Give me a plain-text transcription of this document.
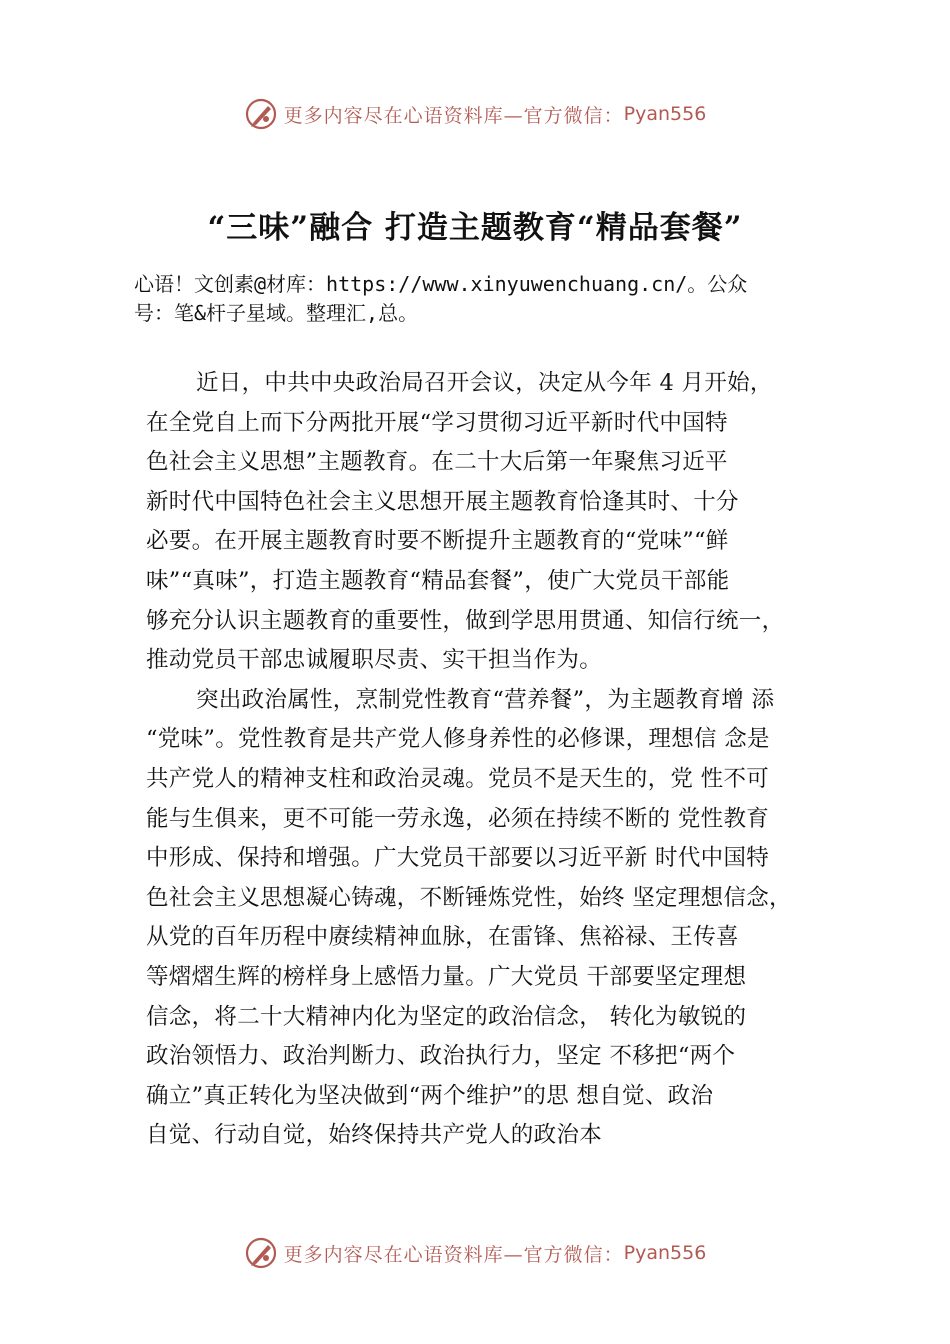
更多内容尽在心语资料库—官方微信： Pyan556
“三味”融合 打造主题教育“精品套餐”
心语！文创素@材库：https://www.xinyuwenchuang.cn/。公众
号：笔&杆子星域。整理汇,总。
近日，中共中央政治局召开会议，决定从今年 4 月开始，
在全党自上而下分两批开展“学习贯彻习近平新时代中国特
色社会主义思想”主题教育。在二十大后第一年聚焦习近平
新时代中国特色社会主义思想开展主题教育恰逢其时、十分
必要。在开展主题教育时要不断提升主题教育的“党味”“鲜
味”“真味”，打造主题教育“精品套餐”，使广大党员干部能
够充分认识主题教育的重要性，做到学思用贯通、知信行统一，
推动党员干部忠诚履职尽责、实干担当作为。
突出政治属性，烹制党性教育“营养餐”，为主题教育增 添
“党味”。党性教育是共产党人修身养性的必修课，理想信 念是
共产党人的精神支柱和政治灵魂。党员不是天生的，党 性不可
能与生俱来，更不可能一劳永逸，必须在持续不断的 党性教育
中形成、保持和增强。广大党员干部要以习近平新 时代中国特
色社会主义思想凝心铸魂，不断锤炼党性，始终 坚定理想信念，
从党的百年历程中赓续精神血脉，在雷锋、焦裕禄、王传喜
等熠熠生辉的榜样身上感悟力量。广大党员 干部要坚定理想
信念，将二十大精神内化为坚定的政治信念， 转化为敏锐的
政治领悟力、政治判断力、政治执行力，坚定 不移把“两个
确立”真正转化为坚决做到“两个维护”的思 想自觉、政治
自觉、行动自觉，始终保持共产党人的政治本
更多内容尽在心语资料库—官方微信： Pyan556
